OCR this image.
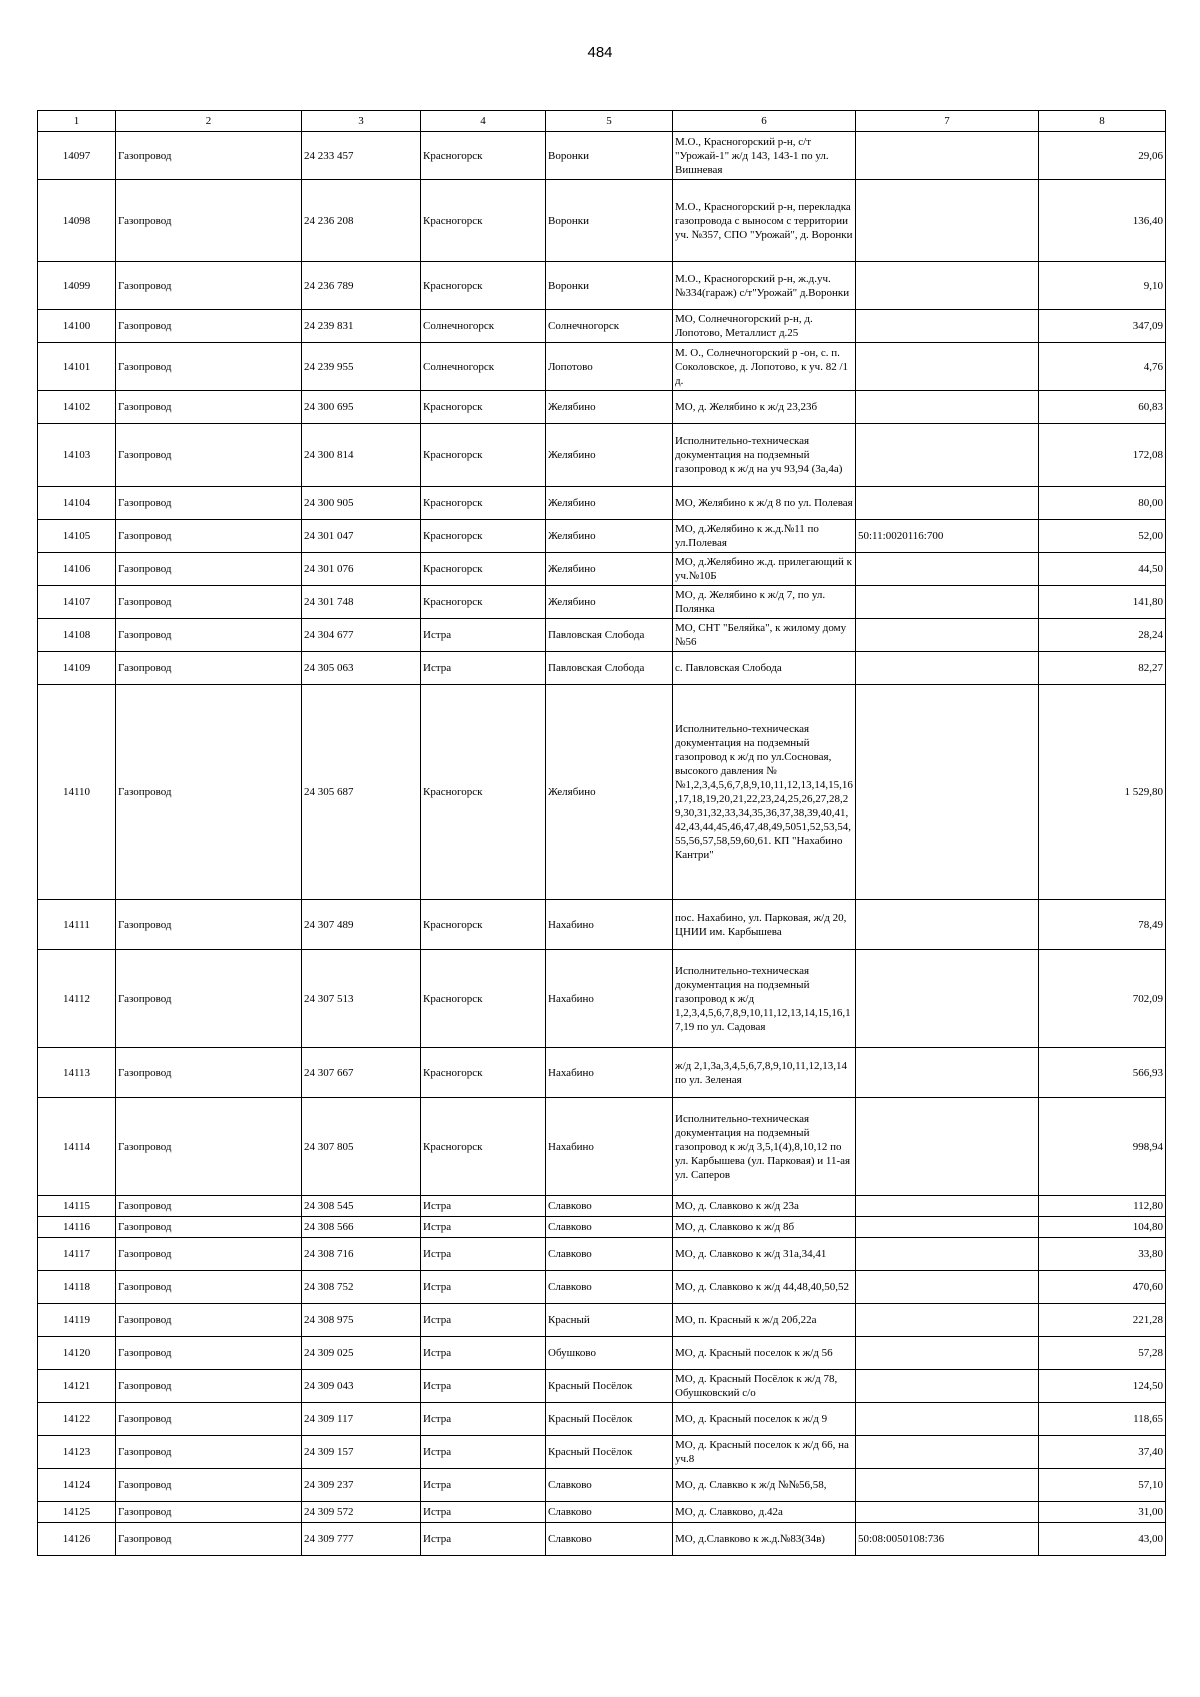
484
1	2	3	4	5	6	7	8
14097	Газопровод	24 233 457	Красногорск	Воронки	М.О., Красногорский р-н, с/т "Урожай-1" ж/д 143, 143-1 по ул. Вишневая		29,06
14098	Газопровод	24 236 208	Красногорск	Воронки	М.О., Красногорский р-н, перекладка газопровода с выносом с территории уч. №357, СПО "Урожай", д. Воронки		136,40
14099	Газопровод	24 236 789	Красногорск	Воронки	М.О., Красногорский р-н, ж.д.уч.№334(гараж) с/т"Урожай" д.Воронки		9,10
14100	Газопровод	24 239 831	Солнечногорск	Солнечногорск	МО, Солнечногорский р-н, д. Лопотово, Металлист д.25		347,09
14101	Газопровод	24 239 955	Солнечногорск	Лопотово	М. О., Солнечногорский р -он, с. п. Соколовское, д. Лопотово, к уч. 82 /1 д.		4,76
14102	Газопровод	24 300 695	Красногорск	Желябино	МО, д. Желябино к ж/д 23,23б		60,83
14103	Газопровод	24 300 814	Красногорск	Желябино	Исполнительно-техническая документация на подземный газопровод к ж/д на уч 93,94 (3а,4а)		172,08
14104	Газопровод	24 300 905	Красногорск	Желябино	МО, Желябино к ж/д 8 по ул. Полевая		80,00
14105	Газопровод	24 301 047	Красногорск	Желябино	МО, д.Желябино к ж.д.№11 по ул.Полевая	50:11:0020116:700	52,00
14106	Газопровод	24 301 076	Красногорск	Желябино	МО, д.Желябино ж.д. прилегающий к уч.№10Б		44,50
14107	Газопровод	24 301 748	Красногорск	Желябино	МО, д. Желябино к ж/д 7, по ул. Полянка		141,80
14108	Газопровод	24 304 677	Истра	Павловская Слобода	МО, СНТ "Беляйка", к жилому дому №56		28,24
14109	Газопровод	24 305 063	Истра	Павловская Слобода	с. Павловская Слобода		82,27
14110	Газопровод	24 305 687	Красногорск	Желябино	Исполнительно-техническая документация на подземный газопровод к ж/д по ул.Сосновая, высокого давления №№1,2,3,4,5,6,7,8,9,10,11,12,13,14,15,16,17,18,19,20,21,22,23,24,25,26,27,28,29,30,31,32,33,34,35,36,37,38,39,40,41,42,43,44,45,46,47,48,49,5051,52,53,54,55,56,57,58,59,60,61. КП "Нахабино Кантри"		1 529,80
14111	Газопровод	24 307 489	Красногорск	Нахабино	пос. Нахабино, ул. Парковая, ж/д 20, ЦНИИ им. Карбышева		78,49
14112	Газопровод	24 307 513	Красногорск	Нахабино	Исполнительно-техническая документация на подземный газопровод к ж/д 1,2,3,4,5,6,7,8,9,10,11,12,13,14,15,16,17,19 по ул. Садовая		702,09
14113	Газопровод	24 307 667	Красногорск	Нахабино	ж/д 2,1,3а,3,4,5,6,7,8,9,10,11,12,13,14 по ул. Зеленая		566,93
14114	Газопровод	24 307 805	Красногорск	Нахабино	Исполнительно-техническая документация на подземный газопровод к ж/д 3,5,1(4),8,10,12 по ул. Карбышева (ул. Парковая) и 11-ая ул. Саперов		998,94
14115	Газопровод	24 308 545	Истра	Славково	МО, д. Славково к ж/д 23а		112,80
14116	Газопровод	24 308 566	Истра	Славково	МО, д. Славково к ж/д 8б		104,80
14117	Газопровод	24 308 716	Истра	Славково	МО, д. Славково к ж/д 31а,34,41		33,80
14118	Газопровод	24 308 752	Истра	Славково	МО, д. Славково к ж/д 44,48,40,50,52		470,60
14119	Газопровод	24 308 975	Истра	Красный	МО, п. Красный к ж/д 20б,22а		221,28
14120	Газопровод	24 309 025	Истра	Обушково	МО, д. Красный поселок к ж/д 56		57,28
14121	Газопровод	24 309 043	Истра	Красный Посёлок	МО, д. Красный Посёлок к ж/д 78, Обушковский с/о		124,50
14122	Газопровод	24 309 117	Истра	Красный Посёлок	МО, д. Красный поселок к ж/д 9		118,65
14123	Газопровод	24 309 157	Истра	Красный Посёлок	МО, д. Красный поселок к ж/д 66, на уч.8		37,40
14124	Газопровод	24 309 237	Истра	Славково	МО, д. Славкво к ж/д №№56,58,		57,10
14125	Газопровод	24 309 572	Истра	Славково	МО, д. Славково, д.42а		31,00
14126	Газопровод	24 309 777	Истра	Славково	МО, д.Славково к ж.д.№83(34в)	50:08:0050108:736	43,00
